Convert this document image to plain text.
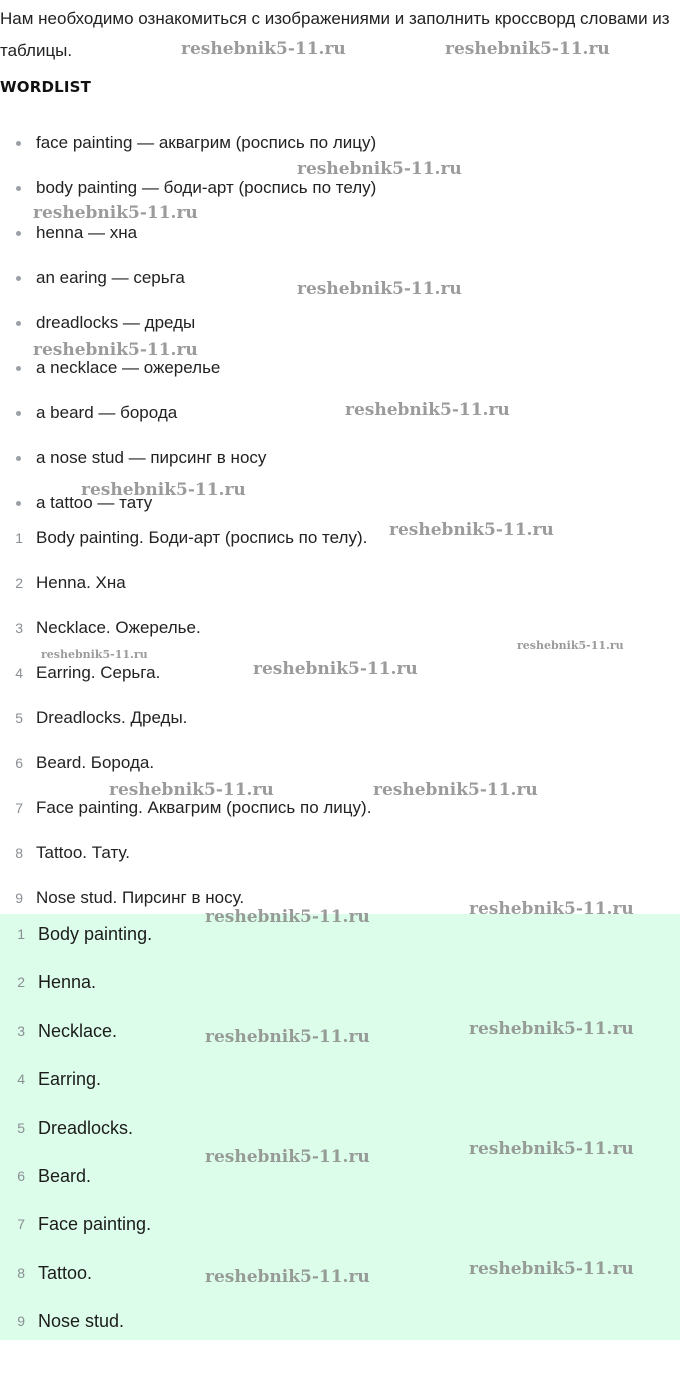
Нам необходимо ознакомиться с изображениями и заполнить кроссворд словами из таблицы.
WORDLIST
face painting — аквагрим (роспись по лицу)
body painting — боди-арт (роспись по телу)
henna — хна
an earing — серьга
dreadlocks — дреды
a necklace — ожерелье
a beard — борода
a nose stud — пирсинг в носу
a tattoo — тату
1 Body painting. Боди-арт (роспись по телу).
2 Henna. Хна
3 Necklace. Ожерелье.
4 Earring. Серьга.
5 Dreadlocks. Дреды.
6 Beard. Борода.
7 Face painting. Аквагрим (роспись по лицу).
8 Tattoo. Тату.
9 Nose stud. Пирсинг в носу.
1 Body painting.
2 Henna.
3 Necklace.
4 Earring.
5 Dreadlocks.
6 Beard.
7 Face painting.
8 Tattoo.
9 Nose stud.
reshebnik5-11.ru	reshebnik5-11.ru
reshebnik5-11.ru
reshebnik5-11.ru
reshebnik5-11.ru
reshebnik5-11.ru
reshebnik5-11.ru
reshebnik5-11.ru
reshebnik5-11.ru
reshebnik5-11.ru
reshebnik5-11.ru
reshebnik5-11.ru
reshebnik5-11.ru	reshebnik5-11.ru
reshebnik5-11.ru
reshebnik5-11.ru
reshebnik5-11.ru
reshebnik5-11.ru
reshebnik5-11.ru
reshebnik5-11.ru
reshebnik5-11.ru
reshebnik5-11.ru
